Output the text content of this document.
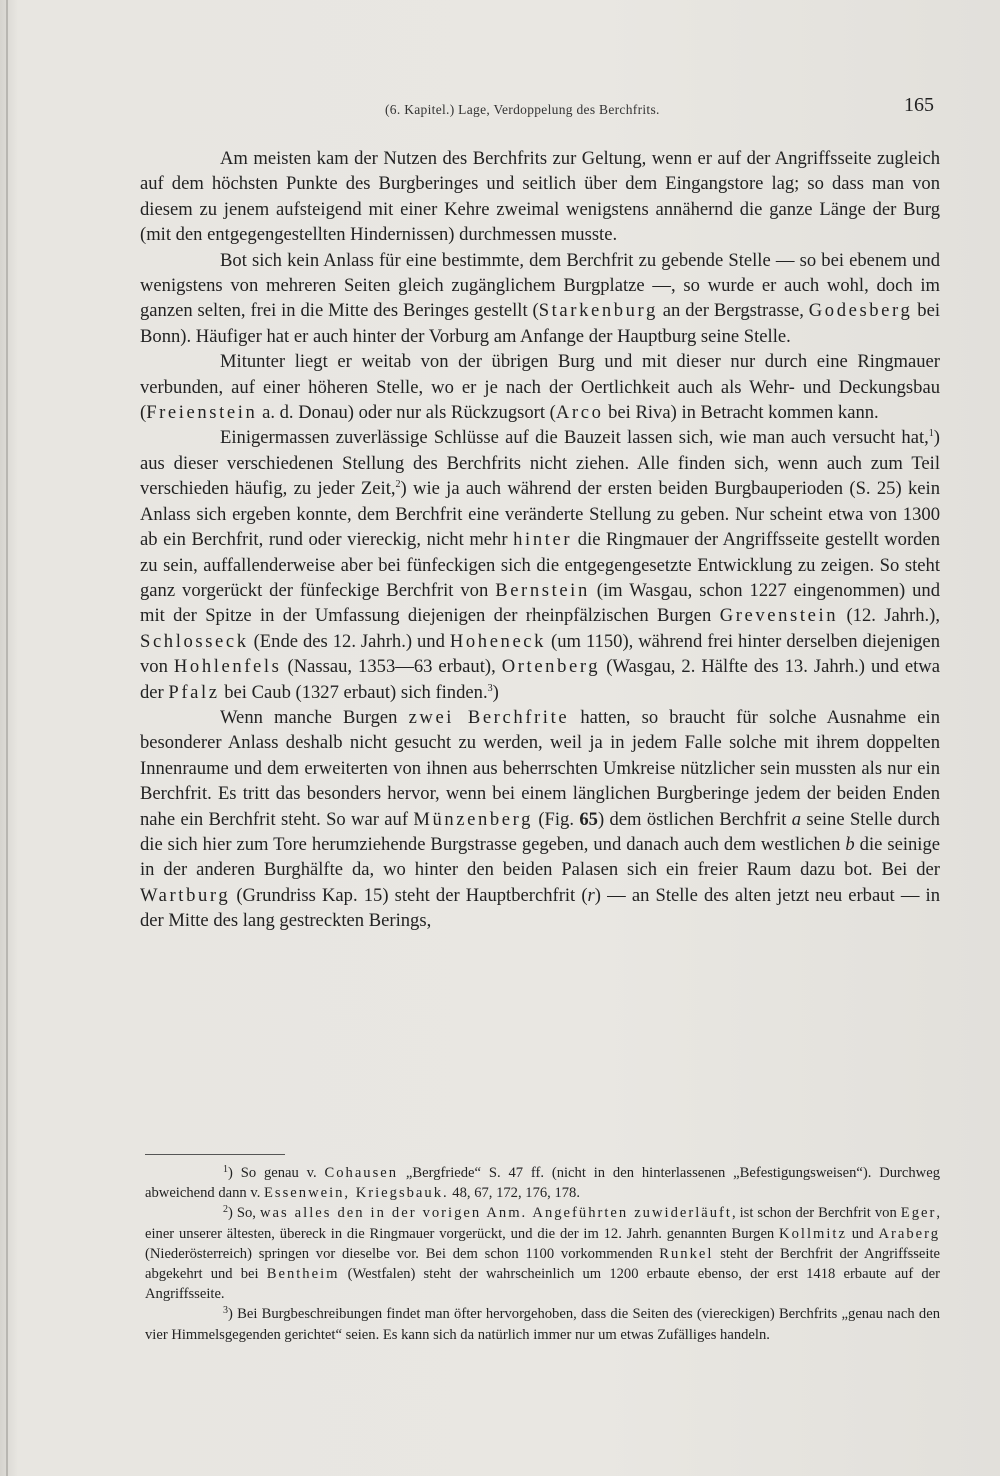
(6. Kapitel.) Lage, Verdoppelung des Berchfrits.	165

Am meisten kam der Nutzen des Berchfrits zur Geltung, wenn er auf der Angriffsseite zugleich auf dem höchsten Punkte des Burgberinges und seitlich über dem Eingangstore lag; so dass man von diesem zu jenem aufsteigend mit einer Kehre zweimal wenigstens annähernd die ganze Länge der Burg (mit den entgegengestellten Hindernissen) durchmessen musste.

Bot sich kein Anlass für eine bestimmte, dem Berchfrit zu gebende Stelle — so bei ebenem und wenigstens von mehreren Seiten gleich zugänglichem Burgplatze —, so wurde er auch wohl, doch im ganzen selten, frei in die Mitte des Beringes gestellt (Starkenburg an der Bergstrasse, Godesberg bei Bonn). Häufiger hat er auch hinter der Vorburg am Anfange der Hauptburg seine Stelle.

Mitunter liegt er weitab von der übrigen Burg und mit dieser nur durch eine Ringmauer verbunden, auf einer höheren Stelle, wo er je nach der Oertlichkeit auch als Wehr- und Deckungsbau (Freienstein a. d. Donau) oder nur als Rückzugsort (Arco bei Riva) in Betracht kommen kann.

Einigermassen zuverlässige Schlüsse auf die Bauzeit lassen sich, wie man auch versucht hat,$^1$) aus dieser verschiedenen Stellung des Berchfrits nicht ziehen. Alle finden sich, wenn auch zum Teil verschieden häufig, zu jeder Zeit,$^2$) wie ja auch während der ersten beiden Burgbauperioden (S. 25) kein Anlass sich ergeben konnte, dem Berchfrit eine veränderte Stellung zu geben. Nur scheint etwa von 1300 ab ein Berchfrit, rund oder viereckig, nicht mehr hinter die Ringmauer der Angriffsseite gestellt worden zu sein, auffallenderweise aber bei fünfeckigen sich die entgegengesetzte Entwicklung zu zeigen. So steht ganz vorgerückt der fünfeckige Berchfrit von Bernstein (im Wasgau, schon 1227 eingenommen) und mit der Spitze in der Umfassung diejenigen der rheinpfälzischen Burgen Grevenstein (12. Jahrh.), Schlosseck (Ende des 12. Jahrh.) und Hoheneck (um 1150), während frei hinter derselben diejenigen von Hohlenfels (Nassau, 1353—63 erbaut), Ortenberg (Wasgau, 2. Hälfte des 13. Jahrh.) und etwa der Pfalz bei Caub (1327 erbaut) sich finden.$^3$)

Wenn manche Burgen zwei Berchfrite hatten, so braucht für solche Ausnahme ein besonderer Anlass deshalb nicht gesucht zu werden, weil ja in jedem Falle solche mit ihrem doppelten Innenraume und dem erweiterten von ihnen aus beherrschten Umkreise nützlicher sein mussten als nur ein Berchfrit. Es tritt das besonders hervor, wenn bei einem länglichen Burgberinge jedem der beiden Enden nahe ein Berchfrit steht. So war auf Münzenberg (Fig. 65) dem östlichen Berchfrit a seine Stelle durch die sich hier zum Tore herumziehende Burgstrasse gegeben, und danach auch dem westlichen b die seinige in der anderen Burghälfte da, wo hinter den beiden Palasen sich ein freier Raum dazu bot. Bei der Wartburg (Grundriss Kap. 15) steht der Hauptberchfrit (r) — an Stelle des alten jetzt neu erbaut — in der Mitte des lang gestreckten Berings,

$^1$) So genau v. Cohausen „Bergfriede“ S. 47 ff. (nicht in den hinterlassenen „Befestigungsweisen“). Durchweg abweichend dann v. Essenwein, Kriegsbauk. 48, 67, 172, 176, 178.

$^2$) So, was alles den in der vorigen Anm. Angeführten zuwiderläuft, ist schon der Berchfrit von Eger, einer unserer ältesten, übereck in die Ringmauer vorgerückt, und die der im 12. Jahrh. genannten Burgen Kollmitz und Araberg (Niederösterreich) springen vor dieselbe vor. Bei dem schon 1100 vorkommenden Runkel steht der Berchfrit der Angriffsseite abgekehrt und bei Bentheim (Westfalen) steht der wahrscheinlich um 1200 erbaute ebenso, der erst 1418 erbaute auf der Angriffsseite.

$^3$) Bei Burgbeschreibungen findet man öfter hervorgehoben, dass die Seiten des (viereckigen) Berchfrits „genau nach den vier Himmelsgegenden gerichtet“ seien. Es kann sich da natürlich immer nur um etwas Zufälliges handeln.
